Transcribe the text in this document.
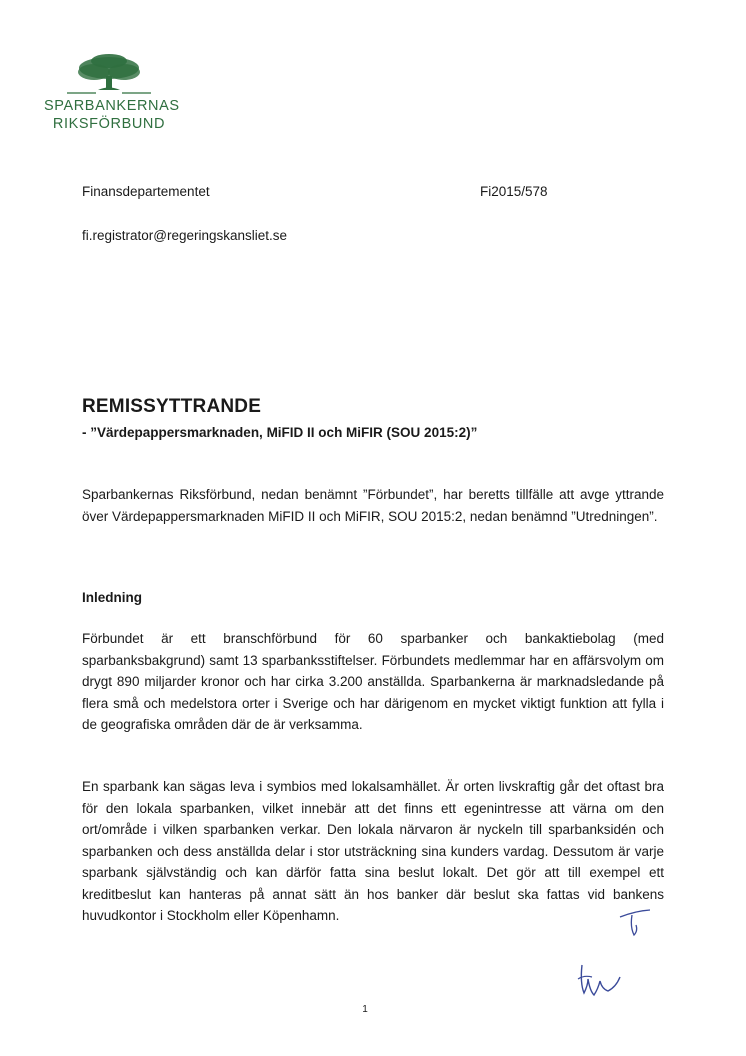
SPARBANKERNAS
RIKSFÖRBUND
Finansdepartementet	Fi2015/578
fi.registrator@regeringskansliet.se
REMISSYTTRANDE
- ”Värdepappersmarknaden, MiFID II och MiFIR (SOU 2015:2)”

Sparbankernas Riksförbund, nedan benämnt ”Förbundet”, har beretts tillfälle att avge yttrande över Värdepappersmarknaden MiFID II och MiFIR, SOU 2015:2, nedan benämnd ”Utredningen”.

Inledning

Förbundet är ett branschförbund för 60 sparbanker och bankaktiebolag (med sparbanksbakgrund) samt 13 sparbanksstiftelser. Förbundets medlemmar har en affärsvolym om drygt 890 miljarder kronor och har cirka 3.200 anställda. Sparbankerna är marknadsledande på flera små och medelstora orter i Sverige och har därigenom en mycket viktigt funktion att fylla i de geografiska områden där de är verksamma.

En sparbank kan sägas leva i symbios med lokalsamhället. Är orten livskraftig går det oftast bra för den lokala sparbanken, vilket innebär att det finns ett egenintresse att värna om den ort/område i vilken sparbanken verkar. Den lokala närvaron är nyckeln till sparbanksidén och sparbanken och dess anställda delar i stor utsträckning sina kunders vardag. Dessutom är varje sparbank självständig och kan därför fatta sina beslut lokalt. Det gör att till exempel ett kreditbeslut kan hanteras på annat sätt än hos banker där beslut ska fattas vid bankens huvudkontor i Stockholm eller Köpenhamn.

1
